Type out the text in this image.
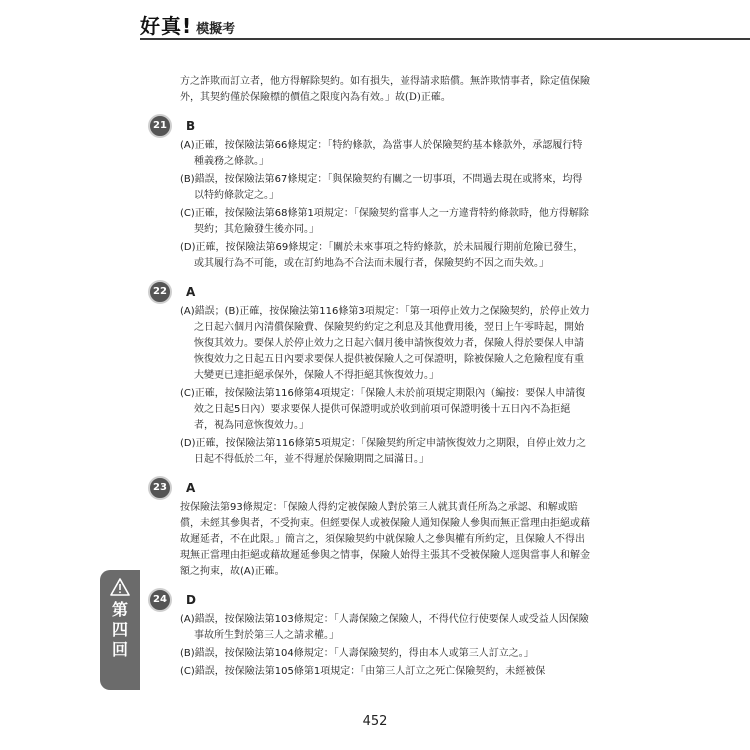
好真! 模擬考

方之詐欺而訂立者，他方得解除契約。如有損失，並得請求賠償。無詐欺情事者，除定值保險外，其契約僅於保險標的價值之限度內為有效。」故(D)正確。

21	B

(A)正確，按保險法第66條規定：「特約條款，為當事人於保險契約基本條款外，承認履行特種義務之條款。」

(B)錯誤，按保險法第67條規定：「與保險契約有關之一切事項，不問過去現在或將來，均得以特約條款定之。」

(C)正確，按保險法第68條第1項規定：「保險契約當事人之一方違背特約條款時，他方得解除契約；其危險發生後亦同。」

(D)正確，按保險法第69條規定：「關於未來事項之特約條款，於未屆履行期前危險已發生，或其履行為不可能，或在訂約地為不合法而未履行者，保險契約不因之而失效。」

22	A

(A)錯誤；(B)正確，按保險法第116條第3項規定：「第一項停止效力之保險契約，於停止效力之日起六個月內清償保險費、保險契約約定之利息及其他費用後，翌日上午零時起，開始恢復其效力。要保人於停止效力之日起六個月後申請恢復效力者，保險人得於要保人申請恢復效力之日起五日內要求要保人提供被保險人之可保證明，除被保險人之危險程度有重大變更已達拒絕承保外，保險人不得拒絕其恢復效力。」

(C)正確，按保險法第116條第4項規定：「保險人未於前項規定期限內（編按：要保人申請復效之日起5日內）要求要保人提供可保證明或於收到前項可保證明後十五日內不為拒絕者，視為同意恢復效力。」

(D)正確，按保險法第116條第5項規定：「保險契約所定申請恢復效力之期限，自停止效力之日起不得低於二年，並不得遲於保險期間之屆滿日。」

23	A

按保險法第93條規定：「保險人得約定被保險人對於第三人就其責任所為之承認、和解或賠償，未經其參與者，不受拘束。但經要保人或被保險人通知保險人參與而無正當理由拒絕或藉故遲延者，不在此限。」簡言之，須保險契約中就保險人之參與權有所約定，且保險人不得出現無正當理由拒絕或藉故遲延參與之情事，保險人始得主張其不受被保險人逕與當事人和解金額之拘束，故(A)正確。

24	D

(A)錯誤，按保險法第103條規定：「人壽保險之保險人，不得代位行使要保人或受益人因保險事故所生對於第三人之請求權。」

(B)錯誤，按保險法第104條規定：「人壽保險契約，得由本人或第三人訂立之。」

(C)錯誤，按保險法第105條第1項規定：「由第三人訂立之死亡保險契約，未經被保

第四回
452
